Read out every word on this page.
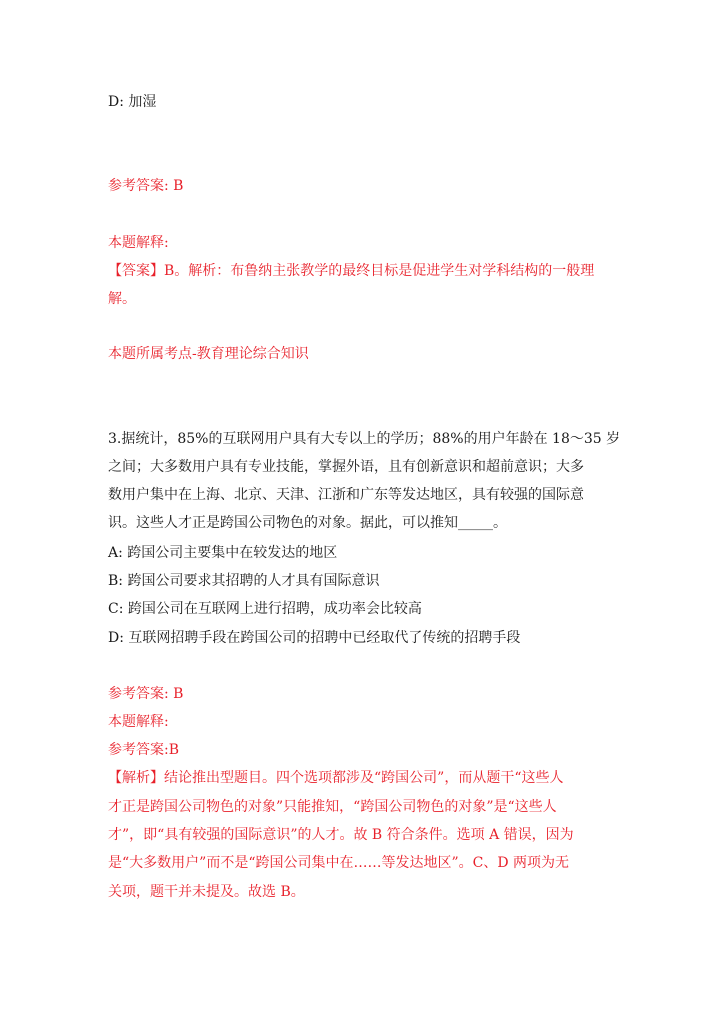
D: 加湿
参考答案: B
本题解释:
【答案】B。解析：布鲁纳主张教学的最终目标是促进学生对学科结构的一般理
解。
本题所属考点-教育理论综合知识
3.据统计，85%的互联网用户具有大专以上的学历；88%的用户年龄在 18～35 岁
之间；大多数用户具有专业技能，掌握外语，且有创新意识和超前意识；大多
数用户集中在上海、北京、天津、江浙和广东等发达地区，具有较强的国际意
识。这些人才正是跨国公司物色的对象。据此，可以推知_____。
A: 跨国公司主要集中在较发达的地区
B: 跨国公司要求其招聘的人才具有国际意识
C: 跨国公司在互联网上进行招聘，成功率会比较高
D: 互联网招聘手段在跨国公司的招聘中已经取代了传统的招聘手段
参考答案: B
本题解释:
参考答案:B
【解析】结论推出型题目。四个选项都涉及“跨国公司”，而从题干“这些人
才正是跨国公司物色的对象”只能推知，“跨国公司物色的对象”是“这些人
才”，即“具有较强的国际意识”的人才。故 B 符合条件。选项 A 错误，因为
是“大多数用户”而不是“跨国公司集中在……等发达地区”。C、D 两项为无
关项，题干并未提及。故选 B。
